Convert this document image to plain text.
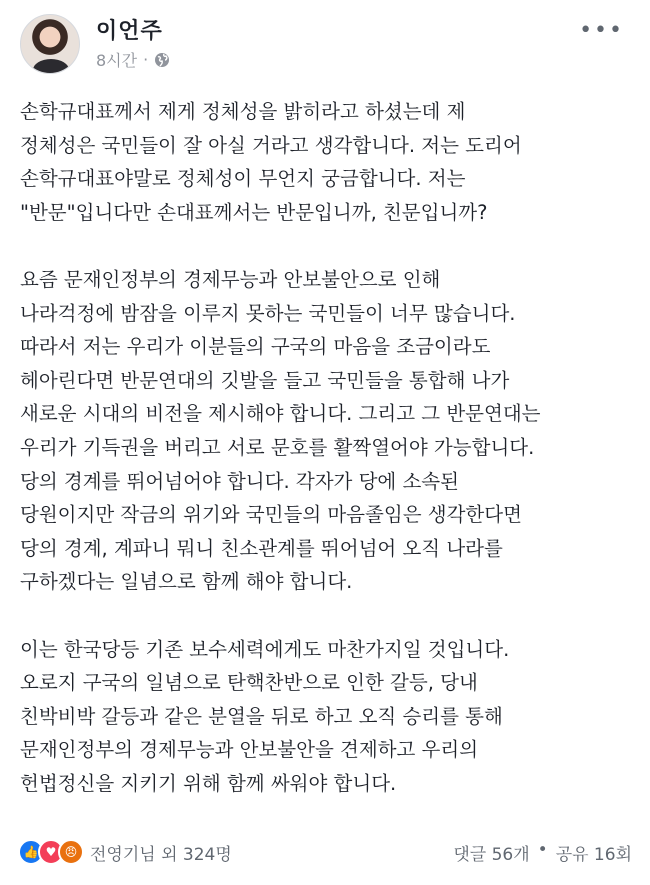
이언주
8시간 ·
•••

손학규대표께서 제게 정체성을 밝히라고 하셨는데 제
정체성은 국민들이 잘 아실 거라고 생각합니다. 저는 도리어
손학규대표야말로 정체성이 무언지 궁금합니다. 저는
"반문"입니다만 손대표께서는 반문입니까, 친문입니까?

요즘 문재인정부의 경제무능과 안보불안으로 인해
나라걱정에 밤잠을 이루지 못하는 국민들이 너무 많습니다.
따라서 저는 우리가 이분들의 구국의 마음을 조금이라도
헤아린다면 반문연대의 깃발을 들고 국민들을 통합해 나가
새로운 시대의 비전을 제시해야 합니다. 그리고 그 반문연대는
우리가 기득권을 버리고 서로 문호를 활짝열어야 가능합니다.
당의 경계를 뛰어넘어야 합니다. 각자가 당에 소속된
당원이지만 작금의 위기와 국민들의 마음졸임은 생각한다면
당의 경계, 계파니 뭐니 친소관계를 뛰어넘어 오직 나라를
구하겠다는 일념으로 함께 해야 합니다.

이는 한국당등 기존 보수세력에게도 마찬가지일 것입니다.
오로지 구국의 일념으로 탄핵찬반으로 인한 갈등, 당내
친박비박 갈등과 같은 분열을 뒤로 하고 오직 승리를 통해
문재인정부의 경제무능과 안보불안을 견제하고 우리의
헌법정신을 지키기 위해 함께 싸워야 합니다.

👍 ♥ 😠 전영기님 외 324명	댓글 56개 • 공유 16회
